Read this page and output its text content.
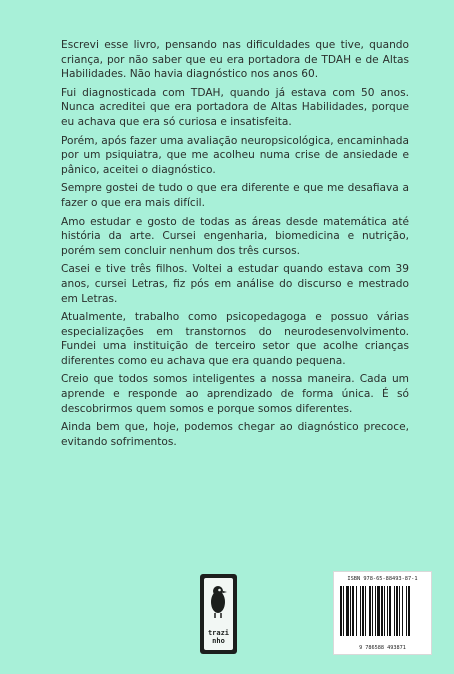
Escrevi esse livro, pensando nas dificuldades que tive, quando criança, por não saber que eu era portadora de TDAH e de Altas Habilidades. Não havia diagnóstico nos anos 60.

Fui diagnosticada com TDAH, quando já estava com 50 anos. Nunca acreditei que era portadora de Altas Habilidades, porque eu achava que era só curiosa e insatisfeita.

Porém, após fazer uma avaliação neuropsicológica, encaminhada por um psiquiatra, que me acolheu numa crise de ansiedade e pânico, aceitei o diagnóstico.

Sempre gostei de tudo o que era diferente e que me desafiava a fazer o que era mais difícil.

Amo estudar e gosto de todas as áreas desde matemática até história da arte. Cursei engenharia, biomedicina e nutrição, porém sem concluir nenhum dos três cursos.

Casei e tive três filhos. Voltei a estudar quando estava com 39 anos, cursei Letras, fiz pós em análise do discurso e mestrado em Letras.

Atualmente, trabalho como psicopedagoga e possuo várias especializações em transtornos do neurodesenvolvimento. Fundei uma instituição de terceiro setor que acolhe crianças diferentes como eu achava que era quando pequena.

Creio que todos somos inteligentes a nossa maneira. Cada um aprende e responde ao aprendizado de forma única. É só descobrirmos quem somos e porque somos diferentes.

Ainda bem que, hoje, podemos chegar ao diagnóstico precoce, evitando sofrimentos.

trazi nho
ISBN 978-65-88493-87-1
9 786588 493871
